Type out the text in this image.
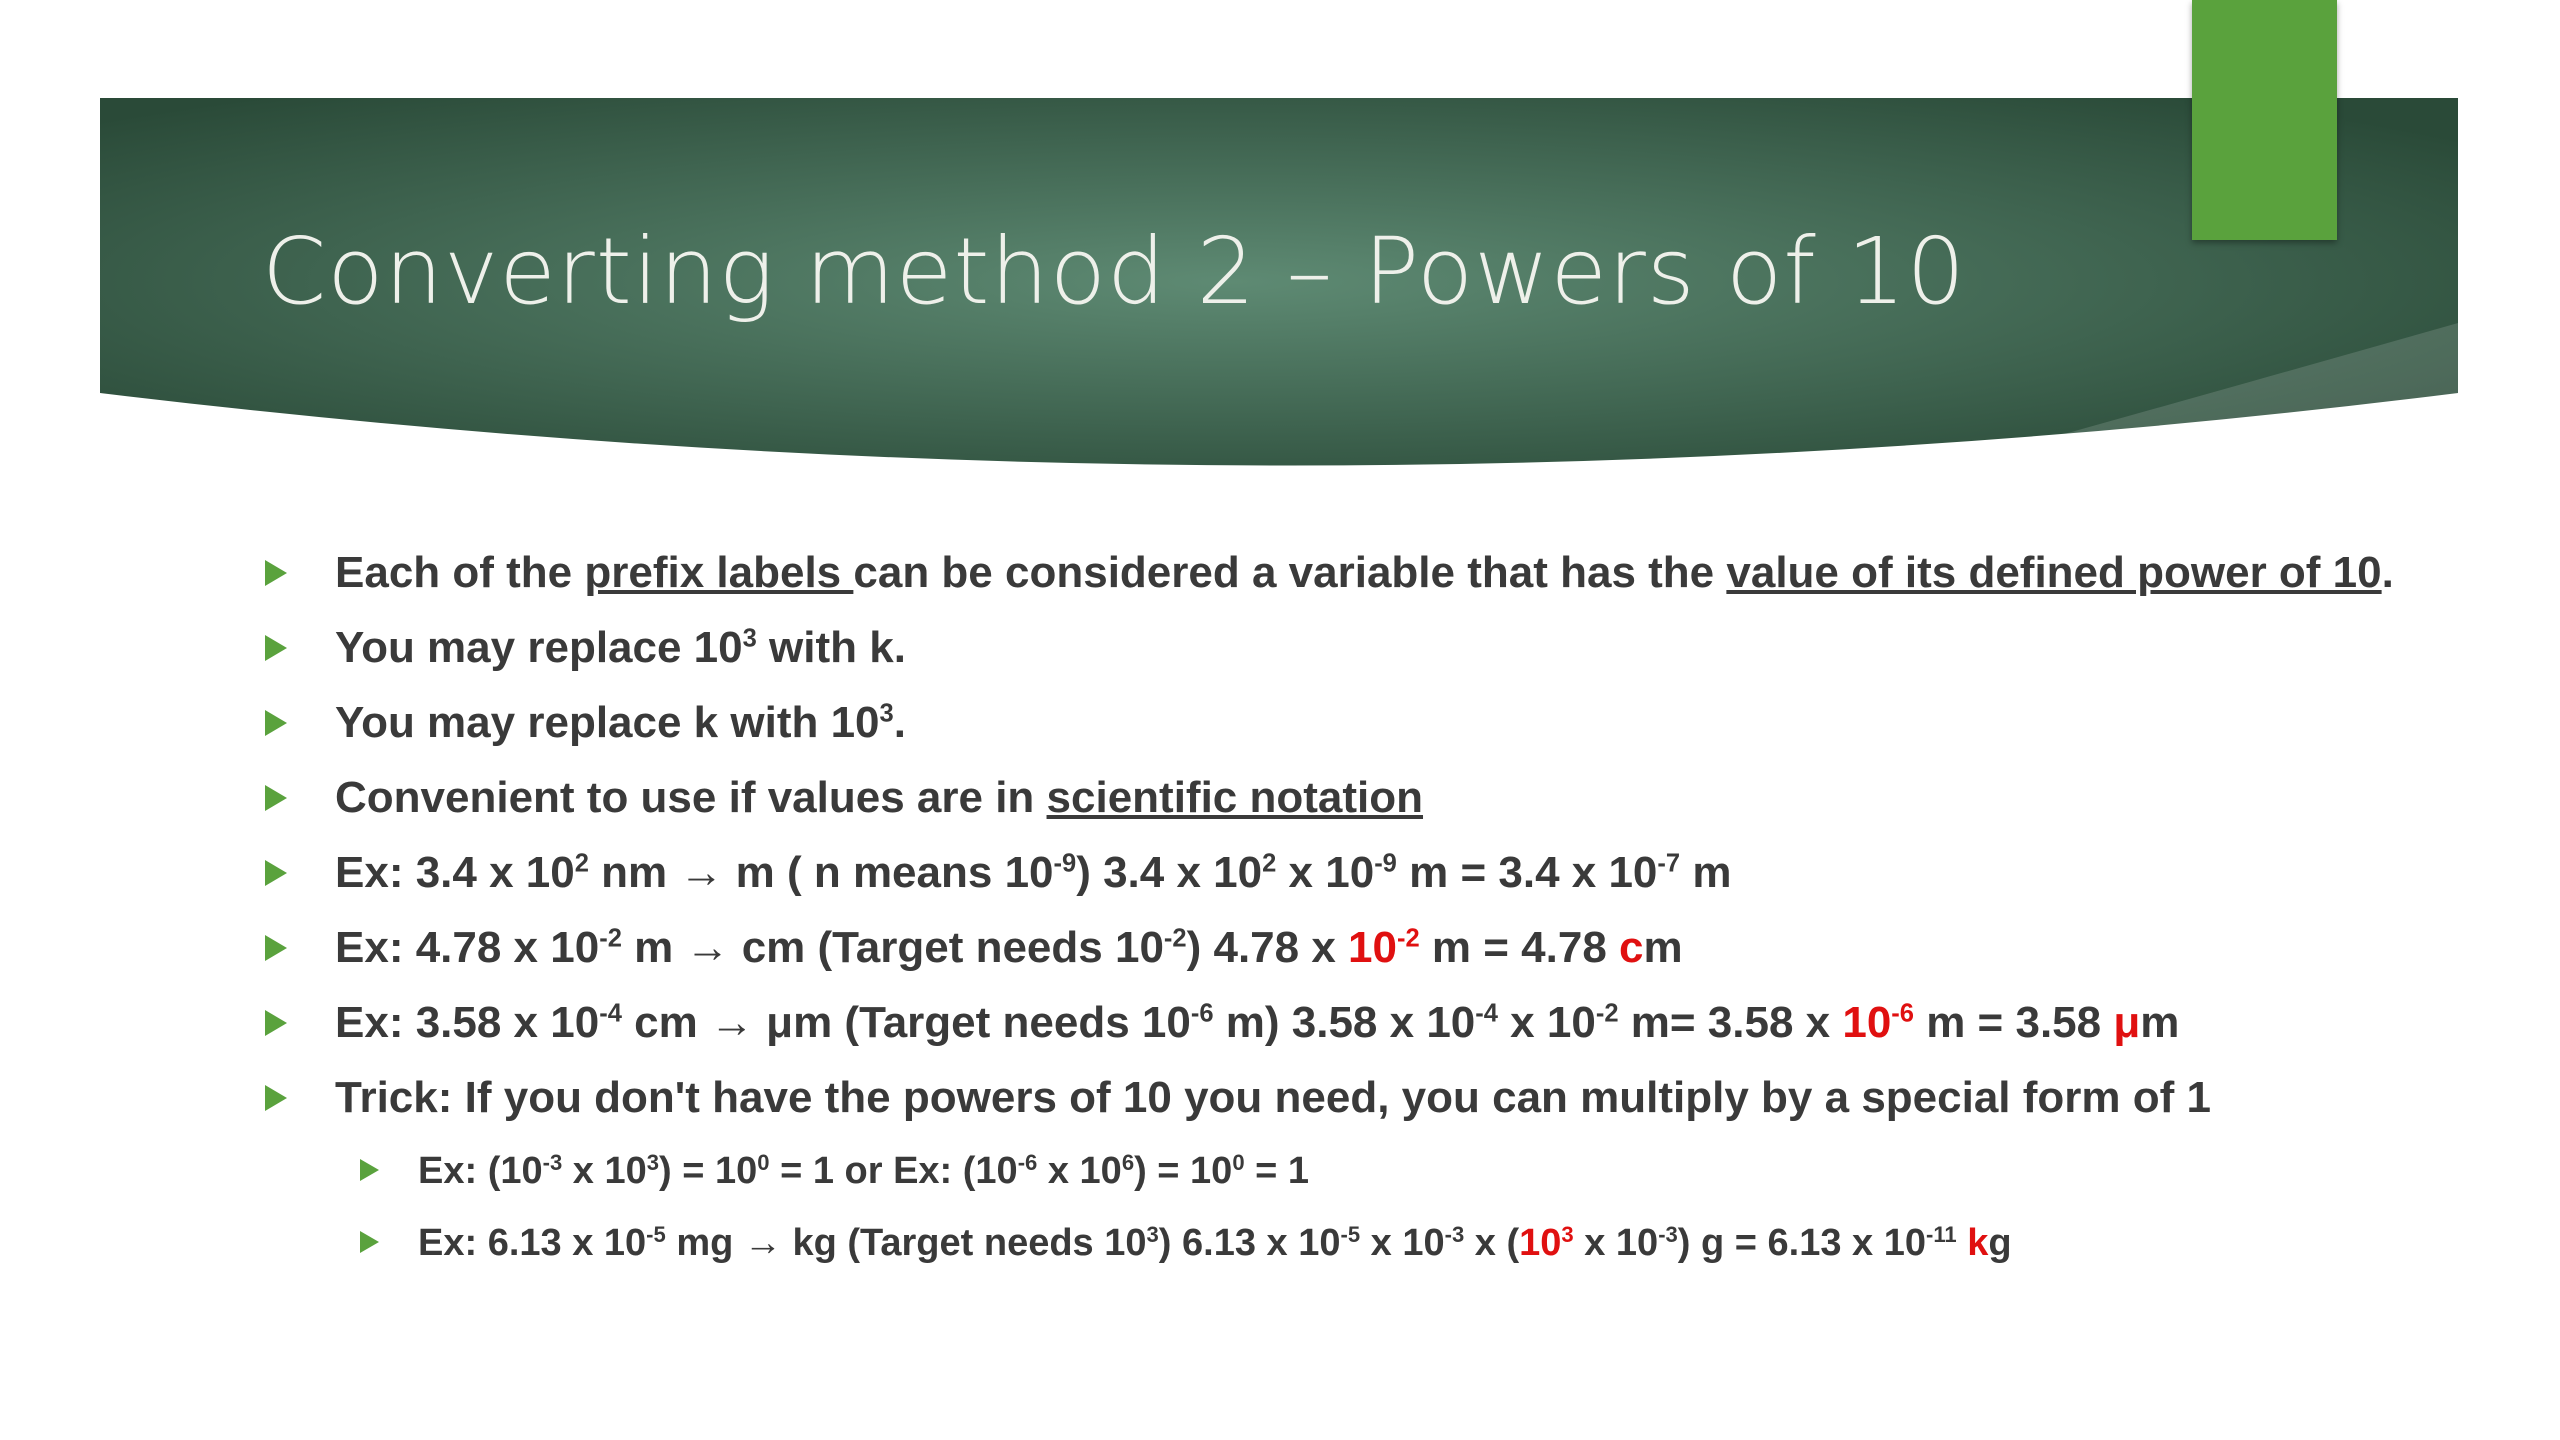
Converting method 2 – Powers of 10
Each of the prefix labels can be considered a variable that has the value of its defined power of 10.
You may replace $10^3$ with k.
You may replace k with $10^3$.
Convenient to use if values are in scientific notation
Ex: 3.4 x $10^2$ nm → m ( n means $10^{-9}$) 3.4 x $10^2$ x $10^{-9}$ m = 3.4 x $10^{-7}$ m
Ex: 4.78 x $10^{-2}$ m → cm (Target needs $10^{-2}$) 4.78 x $10^{-2}$ m = 4.78 cm
Ex: 3.58 x $10^{-4}$ cm → μm (Target needs $10^{-6}$ m) 3.58 x $10^{-4}$ x $10^{-2}$ m= 3.58 x $10^{-6}$ m = 3.58 μm
Trick: If you don't have the powers of 10 you need, you can multiply by a special form of 1
Ex: ($10^{-3}$ x $10^3) = 10^0 = 1$ or Ex: ($10^{-6}$ x $10^6) = 10^0 = 1$
Ex: 6.13 x $10^{-5}$ mg → kg (Target needs $10^3$) 6.13 x $10^{-5}$ x $10^{-3}$ x ($10^3$ x $10^{-3}$) g = 6.13 x $10^{-11}$ kg
